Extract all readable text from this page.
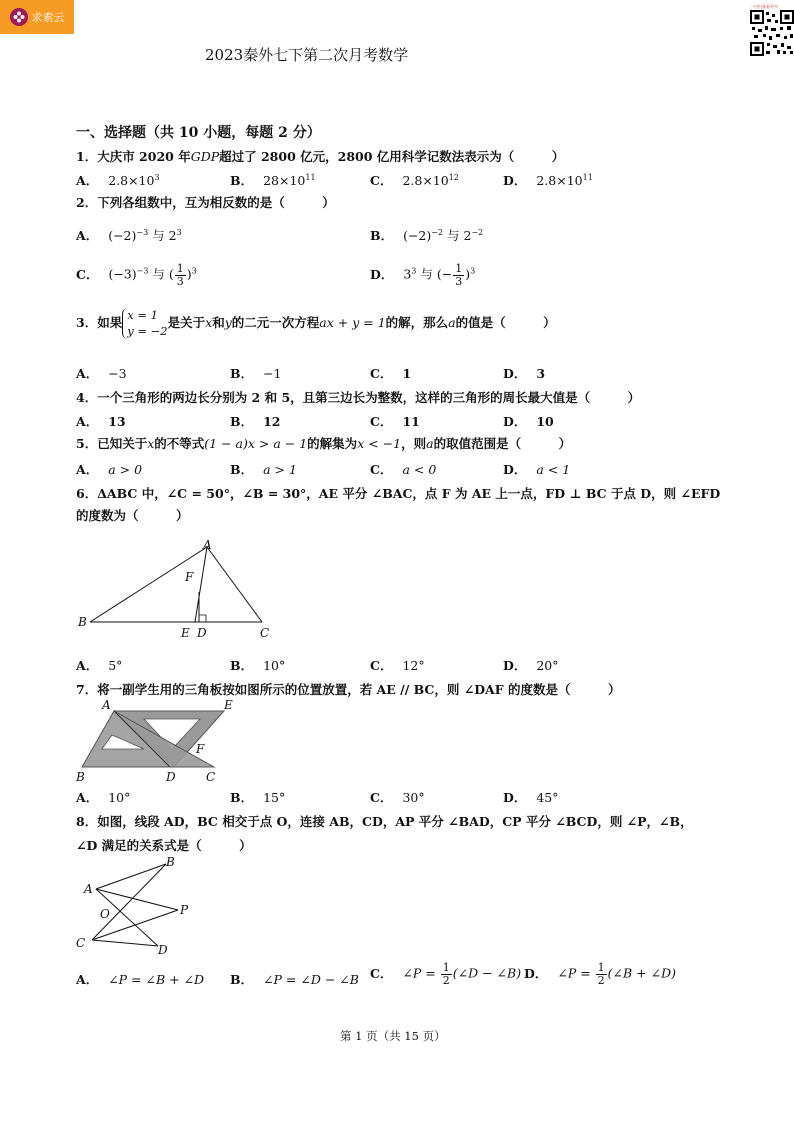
求索云
一扫扫查看更多
2023秦外七下第二次月考数学
一、选择题（共 10 小题，每题 2 分）
1．大庆市 2020 年GDP超过了 2800 亿元，2800 亿用科学记数法表示为（　　　）
A． $2.8\times 10^3$	B． $28\times 10^{11}$	C． $2.8\times 10^{12}$	D． $2.8\times 10^{11}$
2．下列各组数中，互为相反数的是（　　　）
A． $(-2)^{-3}$ 与 $2^3$	B． $(-2)^{-2}$ 与 $2^{-2}$
C． $(-3)^{-3}$ 与 ( $\frac{1}{3} )^3$	D． $3^3$ 与 (− $\frac{1}{3} )^3$
3．如果
x = 1
y = −2
是关于x和y的二元一次方程ax + y = 1的解，那么a的值是（　　　）
A． −3	B． −1	C． 1	D． 3
4．一个三角形的两边长分别为 2 和 5，且第三边长为整数，这样的三角形的周长最大值是（　　　）
A． 13	B． 12	C． 11	D． 10
5．已知关于x的不等式(1 − a)x > a − 1的解集为x < −1，则a的取值范围是（　　　）
A． a > 0	B． a > 1	C． a < 0	D． a < 1
6．ΔABC 中，∠C = 50°，∠B = 30°，AE 平分 ∠BAC，点 F 为 AE 上一点，FD ⊥ BC 于点 D，则 ∠EFD
的度数为（　　　）
A
B
C
E D
F
A． 5°	B． 10°	C． 12°	D． 20°
7．将一副学生用的三角板按如图所示的位置放置，若 AE // BC，则 ∠DAF 的度数是（　　　）
A	E
B	D	C
F
A． 10°	B． 15°	C． 30°	D． 45°
8．如图，线段 AD，BC 相交于点 O，连接 AB，CD，AP 平分 ∠BAD，CP 平分 ∠BCD，则 ∠P，∠B，
∠D 满足的关系式是（　　　）
A
B
C	D
O	P
A． ∠P = ∠B + ∠D B． ∠P = ∠D − ∠B C． ∠P = $\frac{1}{2}$ (∠D − ∠B) D． ∠P = $\frac{1}{2}$ (∠B + ∠D)
第 1 页（共 15 页）
